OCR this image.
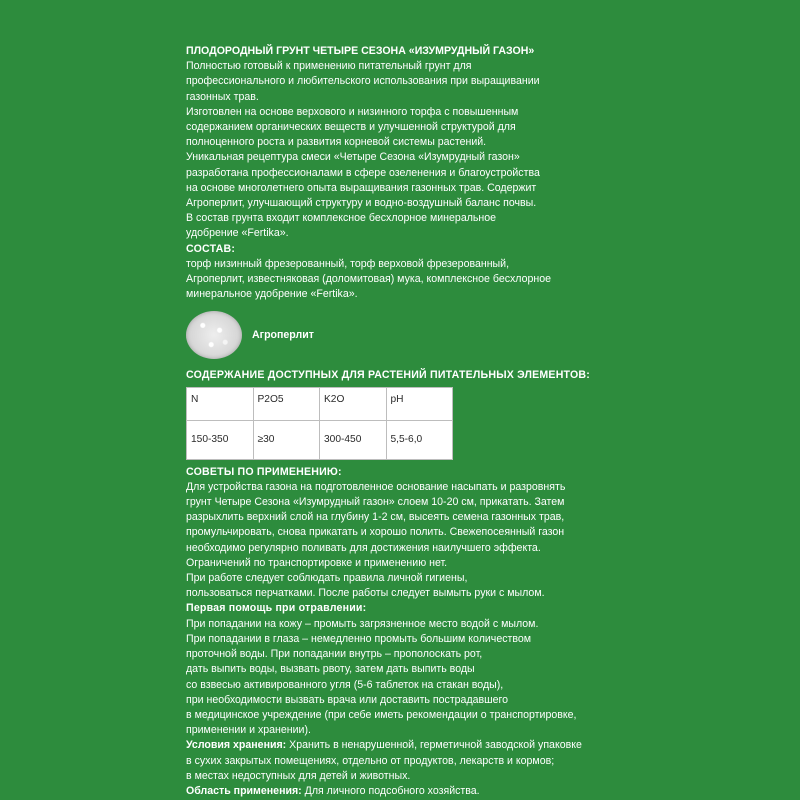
ПЛОДОРОДНЫЙ ГРУНТ ЧЕТЫРЕ СЕЗОНА «ИЗУМРУДНЫЙ ГАЗОН»

Полностью готовый к применению питательный грунт для
профессионального и любительского использования при выращивании
газонных трав.
Изготовлен на основе верхового и низинного торфа с повышенным
содержанием органических веществ и улучшенной структурой для
полноценного роста и развития корневой системы растений.
Уникальная рецептура смеси «Четыре Сезона «Изумрудный газон»
разработана профессионалами в сфере озеленения и благоустройства
на основе многолетнего опыта выращивания газонных трав. Содержит
Агроперлит, улучшающий структуру и водно-воздушный баланс почвы.
В состав грунта входит комплексное бесхлорное минеральное
удобрение «Fertika».

СОСТАВ:

торф низинный фрезерованный, торф верховой фрезерованный,
Агроперлит, известняковая (доломитовая) мука, комплексное бесхлорное
минеральное удобрение «Fertika».

Агроперлит

СОДЕРЖАНИЕ ДОСТУПНЫХ ДЛЯ РАСТЕНИЙ ПИТАТЕЛЬНЫХ ЭЛЕМЕНТОВ:

N	P2O5	K2O	pH
150-350	≥30	300-450	5,5-6,0

СОВЕТЫ ПО ПРИМЕНЕНИЮ:

Для устройства газона на подготовленное основание насыпать и разровнять
грунт Четыре Сезона «Изумрудный газон» слоем 10-20 см, прикатать. Затем
разрыхлить верхний слой на глубину 1-2 см, высеять семена газонных трав,
промульчировать, снова прикатать и хорошо полить. Свежепосеянный газон
необходимо регулярно поливать для достижения наилучшего эффекта.
Ограничений по транспортировке и применению нет.
При работе следует соблюдать правила личной гигиены,
пользоваться перчатками. После работы следует вымыть руки с мылом.

Первая помощь при отравлении:

При попадании на кожу – промыть загрязненное место водой с мылом.
При попадании в глаза – немедленно промыть большим количеством
проточной воды. При попадании внутрь – прополоскать рот,
дать выпить воды, вызвать рвоту, затем дать выпить воды
со взвесью активированного угля (5-6 таблеток на стакан воды),
при необходимости вызвать врача или доставить пострадавшего
в медицинское учреждение (при себе иметь рекомендации о транспортировке,
применении и хранении).

Условия хранения: Хранить в ненарушенной, герметичной заводской упаковке
в сухих закрытых помещениях, отдельно от продуктов, лекарств и кормов;
в местах недоступных для детей и животных.

Область применения: Для личного подсобного хозяйства.
